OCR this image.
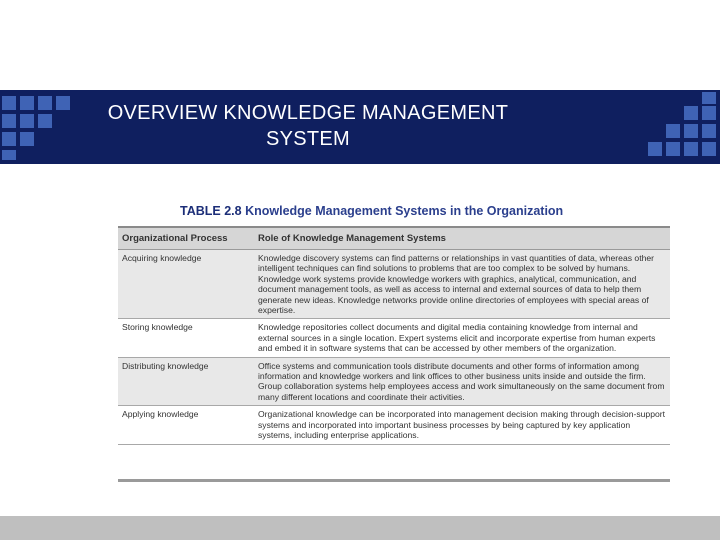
OVERVIEW KNOWLEDGE MANAGEMENT SYSTEM
TABLE 2.8 Knowledge Management Systems in the Organization
Organizational Process	Role of Knowledge Management Systems
Acquiring knowledge	Knowledge discovery systems can find patterns or relationships in vast quantities of data, whereas other intelligent techniques can find solutions to problems that are too complex to be solved by humans. Knowledge work systems provide knowledge workers with graphics, analytical, communication, and document management tools, as well as access to internal and external sources of data to help them generate new ideas. Knowledge networks provide online directories of employees with special areas of expertise.
Storing knowledge	Knowledge repositories collect documents and digital media containing knowledge from internal and external sources in a single location. Expert systems elicit and incorporate expertise from human experts and embed it in software systems that can be accessed by other members of the organization.
Distributing knowledge	Office systems and communication tools distribute documents and other forms of information among information and knowledge workers and link offices to other business units inside and outside the firm. Group collaboration systems help employees access and work simultaneously on the same document from many different locations and coordinate their activities.
Applying knowledge	Organizational knowledge can be incorporated into management decision making through decision-support systems and incorporated into important business processes by being captured by key application systems, including enterprise applications.
